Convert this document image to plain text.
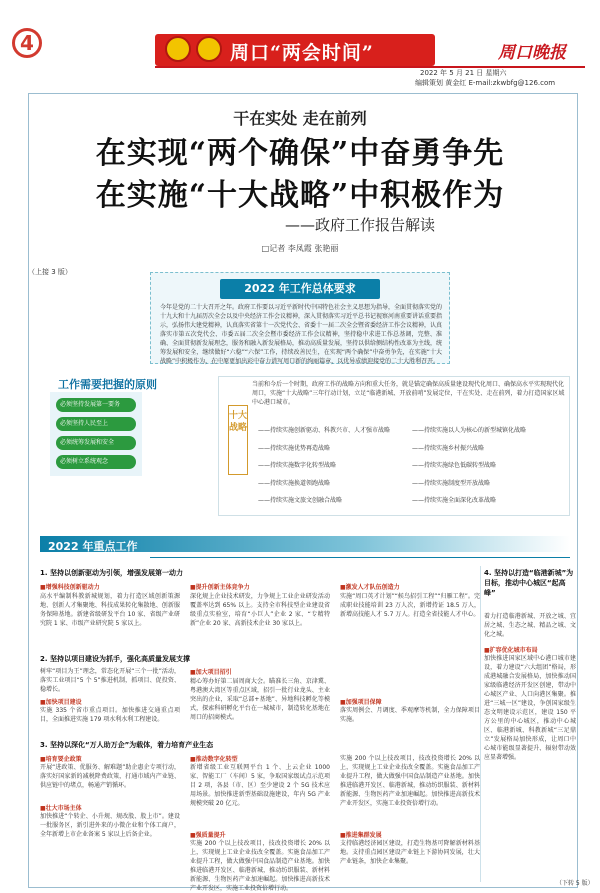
4	周口“两会时间”	周口晚报
2022 年 5 月 21 日 星期六
编辑策划 黄金红 E-mail:zkwbfg@126.com
干在实处 走在前列
在实现“两个确保”中奋勇争先
在实施“十大战略”中积极作为
——政府工作报告解读
□记者 李凤霞 张艳丽
（上接 3 版）
2022 年工作总体要求
今年是党的二十大召开之年。政府工作要以习近平新时代中国特色社会主义思想为指导，全面贯彻落实党的十九大和十九届历次全会以及中央经济工作会议精神，深入贯彻落实习近平总书记视察河南重要讲话重要指示，弘扬伟大建党精神，认真落实省第十一次党代会、省委十一届二次全会暨省委经济工作会议精神，认真落实市第五次党代会、市委五届二次全会暨市委经济工作会议精神，坚持稳中求进工作总基调，完整、准确、全面贯彻新发展理念，服务和融入新发展格局，推动高质量发展，坚持以供给侧结构性改革为主线，统筹发展和安全，继续做好“六稳”“六保”工作，持续改善民生，在实现“两个确保”中奋勇争先，在实施“十大战略”中积极作为，在中原更加出彩中奋力谱写周口新的绚丽篇章，以优异成绩迎接党的二十大胜利召开。
工作需要把握的原则
必须坚持发展第一要务
必须坚持人民至上
必须统筹发展和安全
必须树立系统观念
当前和今后一个时期，政府工作的战略方向和重大任务，就是锚定确保高质量建设现代化周口、确保高水平实现现代化周口，实施“十大战略”三年行动计划，立足“临港新城、开放前哨”发展定位，干在实处、走在前列，着力打造国家区域中心港口城市。
十大战略 ——持续实施创新驱动、科教兴市、人才强市战略
——持续实施优势再造战略
——持续实施数字化转型战略
——持续实施换道领跑战略
——持续实施文旅文创融合战略
——持续实施以人为核心的新型城镇化战略
——持续实施乡村振兴战略
——持续实施绿色低碳转型战略
——持续实施制度型开放战略
——持续实施全面深化改革战略
2022 年重点工作
1. 坚持以创新驱动为引领，增强发展第一动力
■增强科技创新驱动力
高水平编制科教新城规划，着力打造区域创新策源地、创新人才集聚地、科技成果转化集散地、创新服务保障基地。新建省级研发平台 10 家、省级产业研究院 1 家、市级产业研究院 5 家以上。
■提升创新主体竞争力
深化规上企业技术研发，力争规上工业企业研发活动覆盖率达到 65% 以上。支持全市科技型企业建设省级重点实验室，培育“小巨人”企业 2 家、“专精特新”企业 20 家、高新技术企业 30 家以上。
■激发人才队伍创造力
实施“周口英才计划”“候鸟招引工程”“归雁工程”。完成职业技能培训 23 万人次，新增持证 18.5 万人，新增高技能人才 5.7 万人。打造全省技能人才中心。
2. 坚持以项目建设为抓手，强化高质量发展支撑
树牢“项目为王”理念，常态化开展“三个一批”活动，落实工业项目“5 个 5”推进机制，抓项目、促投资、稳增长。
■加快项目建设
实施 335 个省市重点项目。加快推进交通重点项目，全面推进实施 179 项水利水利工程建设。
■加大项目招引
精心筹办好第二届周商大会。瞄准长三角、京津冀、粤港澳大湾区等重点区域，招引一批行业龙头、主业突出的企业，采取“总部+基地”、异地科技孵化等模式，探索科研孵化平台在一城城市，制造转化基地在周口的招商模式。
■加强项目保障
落实周例会、月调度、季观摩等机制，全力保障项目实施。
3. 坚持以深化“万人助万企”为载体，着力培育产业生态
■培育要企政策
开展“进政策、优服务、解难题”助企惠企专项行动，落实好国家新的减税降费政策，打通市域内产业链、供应链中的堵点，畅通产销循环。
■壮大市场主体
加快推进“个转企、小升规、规改股、股上市”。建设一批服务区，新引进外来的小微企业和个体工商户，全年新增上市企业备案 5 家以上后备企业。
■推动数字化转型
新增省级工业互联网平台 1 个、上云企业 1000 家、智能工厂（车间）5 家，争取国家级试点示范项目 2 项，各县（市、区）至少建设 2 个 5G 技术应用场景。加快推进新型基础设施建设，年内 5G 产业规模突破 20 亿元。
■强质量提升
实施 200 个以上技改项目，技改投资增长 20% 以上，实现规上工业企业技改全覆盖。实施食品加工产业提升工程，做大做强中国食品制造产业基地。加快推进临港开发区、临港新城，推动纺织服装、新材料新能源、生物医药产业加速崛起。加快推进高新技术产业开发区，实施工业投资倍增行动。
实施 200 个以上技改项目，技改投资增长 20% 以上，实现规上工业企业技改全覆盖。实施食品加工产业提升工程，做大做强中国食品制造产业基地。加快推进临港开发区、临港新城，推动纺织服装、新材料新能源、生物医药产业加速崛起。加快推进高新技术产业开发区，实施工业投资倍增行动。
■推进集群发展
支持临港经济园区建设，打造生物基可降解新材料基地。支持重点园区建设产业链上下游协同发展，壮大产业链条，加快企业集聚。
4. 坚持以打造“临港新城”为目标，推动中心城区“起高峰”
着力打造临港新城、开放之城、宜居之城、生态之城、精品之城、文化之城。
■扩容优化城市布局
加快推进国家区域中心港口城市建设，着力建设“六大组团”格局，形成港城融合发展格局，加快推动国家级临港经济开发区创建，带动中心城区产业、人口向港区集聚。推进“三城一区”建设，争创国家级生态文明建设示范区，建设 150 平方公里的中心城区，推动中心城区、临港新城、科教新城“三足鼎立”发展格局加快形成，让周口中心城市能级显著提升、辐射带动效应显著增强。
（下转 5 版）
